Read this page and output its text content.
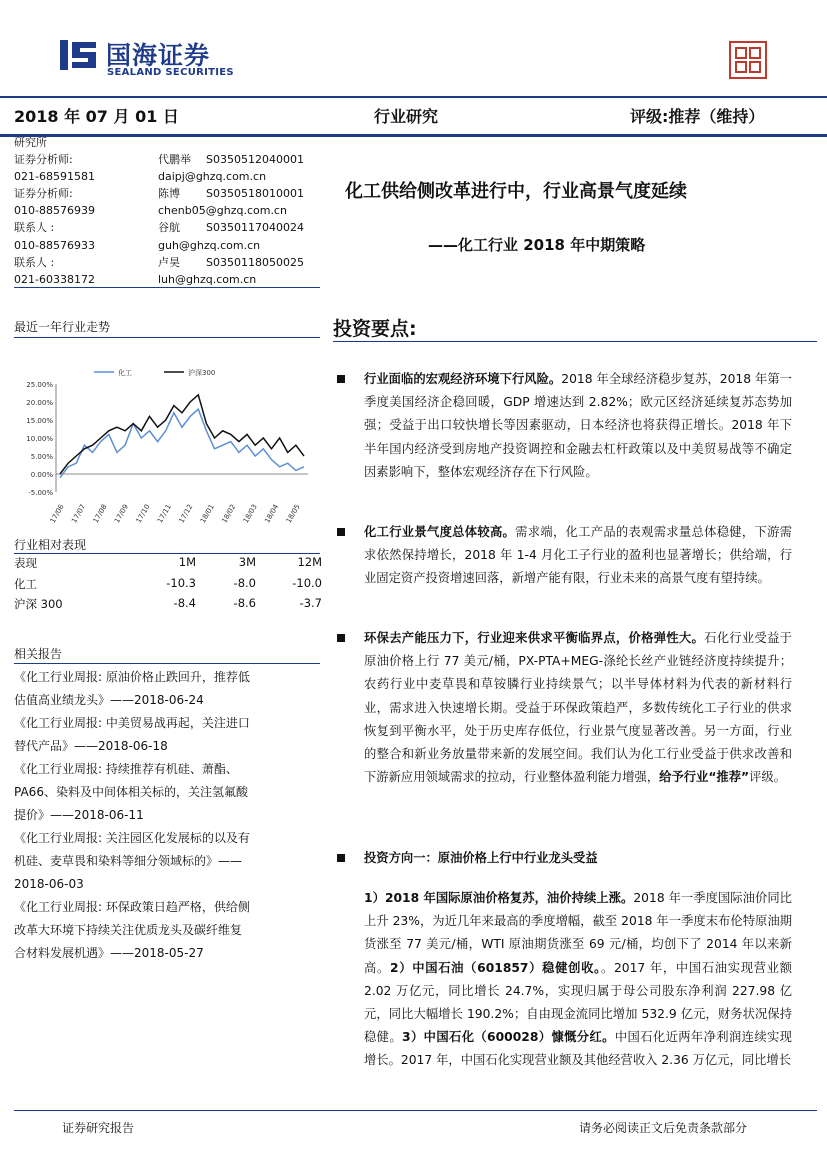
国海证券
SEALAND SECURITIES
2018 年 07 月 01 日	行业研究	评级:推荐（维持）
研究所
证券分析师:	代鹏举 S0350512040001
021-68591581	daipj@ghzq.com.cn
证券分析师:	陈博 S0350518010001
010-88576939	chenb05@ghzq.com.cn
联系人 :	谷航 S0350117040024
010-88576933	guh@ghzq.com.cn
联系人 :	卢昊 S0350118050025
021-60338172	luh@ghzq.com.cn
化工供给侧改革进行中，行业高景气度延续
——化工行业 2018 年中期策略
最近一年行业走势
25.00%
20.00%
15.00%
10.00%
5.00%
0.00%
-5.00%
17/06 17/07 17/08 17/09 17/10 17/11 17/12 18/01 18/02 18/03 18/04 18/05
化工	沪深300
行业相对表现
表现	1M	3M	12M
化工	-10.3	-8.0	-10.0
沪深 300	-8.4	-8.6	-3.7
相关报告
《化工行业周报: 原油价格止跌回升，推荐低
估值高业绩龙头》——2018-06-24
《化工行业周报: 中美贸易战再起，关注进口
替代产品》——2018-06-18
《化工行业周报: 持续推荐有机硅、萧酯、
PA66、染料及中间体相关标的，关注氢氟酸
提价》——2018-06-11
《化工行业周报: 关注园区化发展标的以及有
机硅、麦草畏和染料等细分领域标的》——
2018-06-03
《化工行业周报: 环保政策日趋严格，供给侧
改革大环境下持续关注优质龙头及碳纤维复
合材料发展机遇》——2018-05-27
投资要点:
行业面临的宏观经济环境下行风险。2018 年全球经济稳步复苏，2018 年第一季度美国经济企稳回暖，GDP 增速达到 2.82%；欧元区经济延续复苏态势加强；受益于出口较快增长等因素驱动，日本经济也将获得正增长。2018 年下半年国内经济受到房地产投资调控和金融去杠杆政策以及中美贸易战等不确定因素影响下，整体宏观经济存在下行风险。
化工行业景气度总体较高。需求端，化工产品的表观需求量总体稳健，下游需求依然保持增长，2018 年 1-4 月化工子行业的盈利也显著增长；供给端，行业固定资产投资增速回落，新增产能有限，行业未来的高景气度有望持续。
环保去产能压力下，行业迎来供求平衡临界点，价格弹性大。石化行业受益于原油价格上行 77 美元/桶，PX-PTA+MEG-涤纶长丝产业链经济度持续提升；农药行业中麦草畏和草铵膦行业持续景气；以半导体材料为代表的新材料行业，需求进入快速增长期。受益于环保政策趋严，多数传统化工子行业的供求恢复到平衡水平，处于历史库存低位，行业景气度显著改善。另一方面，行业的整合和新业务放量带来新的发展空间。我们认为化工行业受益于供求改善和下游新应用领域需求的拉动，行业整体盈利能力增强，给予行业“推荐”评级。
投资方向一：原油价格上行中行业龙头受益
1）2018 年国际原油价格复苏，油价持续上涨。2018 年一季度国际油价同比上升 23%，为近几年来最高的季度增幅，截至 2018 年一季度末布伦特原油期货涨至 77 美元/桶，WTI 原油期货涨至 69 元/桶，均创下了 2014 年以来新高。2）中国石油（601857）稳健创收。。2017 年，中国石油实现营业额 2.02 万亿元，同比增长 24.7%，实现归属于母公司股东净利润 227.98 亿元，同比大幅增长 190.2%；自由现金流同比增加 532.9 亿元，财务状况保持稳健。3）中国石化（600028）慷慨分红。中国石化近两年净利润连续实现增长。2017 年，中国石化实现营业额及其他经营收入 2.36 万亿元，同比增长
证券研究报告	请务必阅读正文后免责条款部分
